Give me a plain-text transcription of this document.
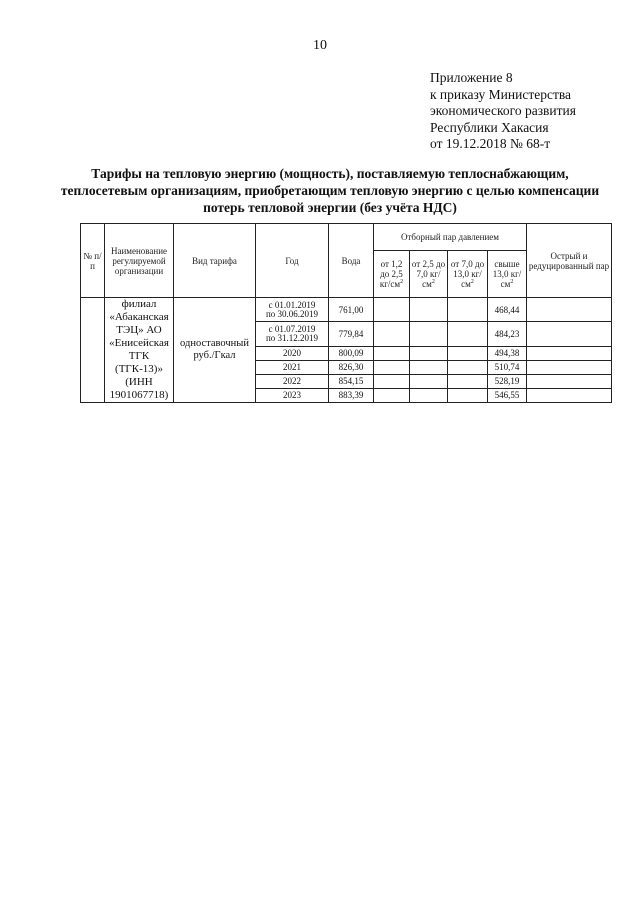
10
Приложение 8
к приказу Министерства
экономического развития
Республики Хакасия
от 19.12.2018 № 68-т
Тарифы на тепловую энергию (мощность), поставляемую теплоснабжающим,
теплосетевым организациям, приобретающим тепловую энергию с целью компенсации
потерь тепловой энергии (без учёта НДС)
№ п/п	Наименование регулируемой организации	Вид тарифа	Год	Вода	Отборный пар давлением				Острый и редуцированный пар
					от 1,2 до 2,5 $кг/см^2$	от 2,5 до 7,0 $кг/см^2$	от 7,0 до 13,0 $кг/см^2$	свыше 13,0 $кг/см^2$
	филиал «Абаканская ТЭЦ» АО «Енисейская ТГК (ТГК-13)» (ИНН 1901067718)	одноставочный руб./Гкал	с 01.01.2019
по 30.06.2019	761,00				468,44	

			с 01.07.2019
по 31.12.2019	779,84				484,23	
			2020	800,09				494,38	
			2021	826,30				510,74	
			2022	854,15				528,19	
			2023	883,39				546,55	
